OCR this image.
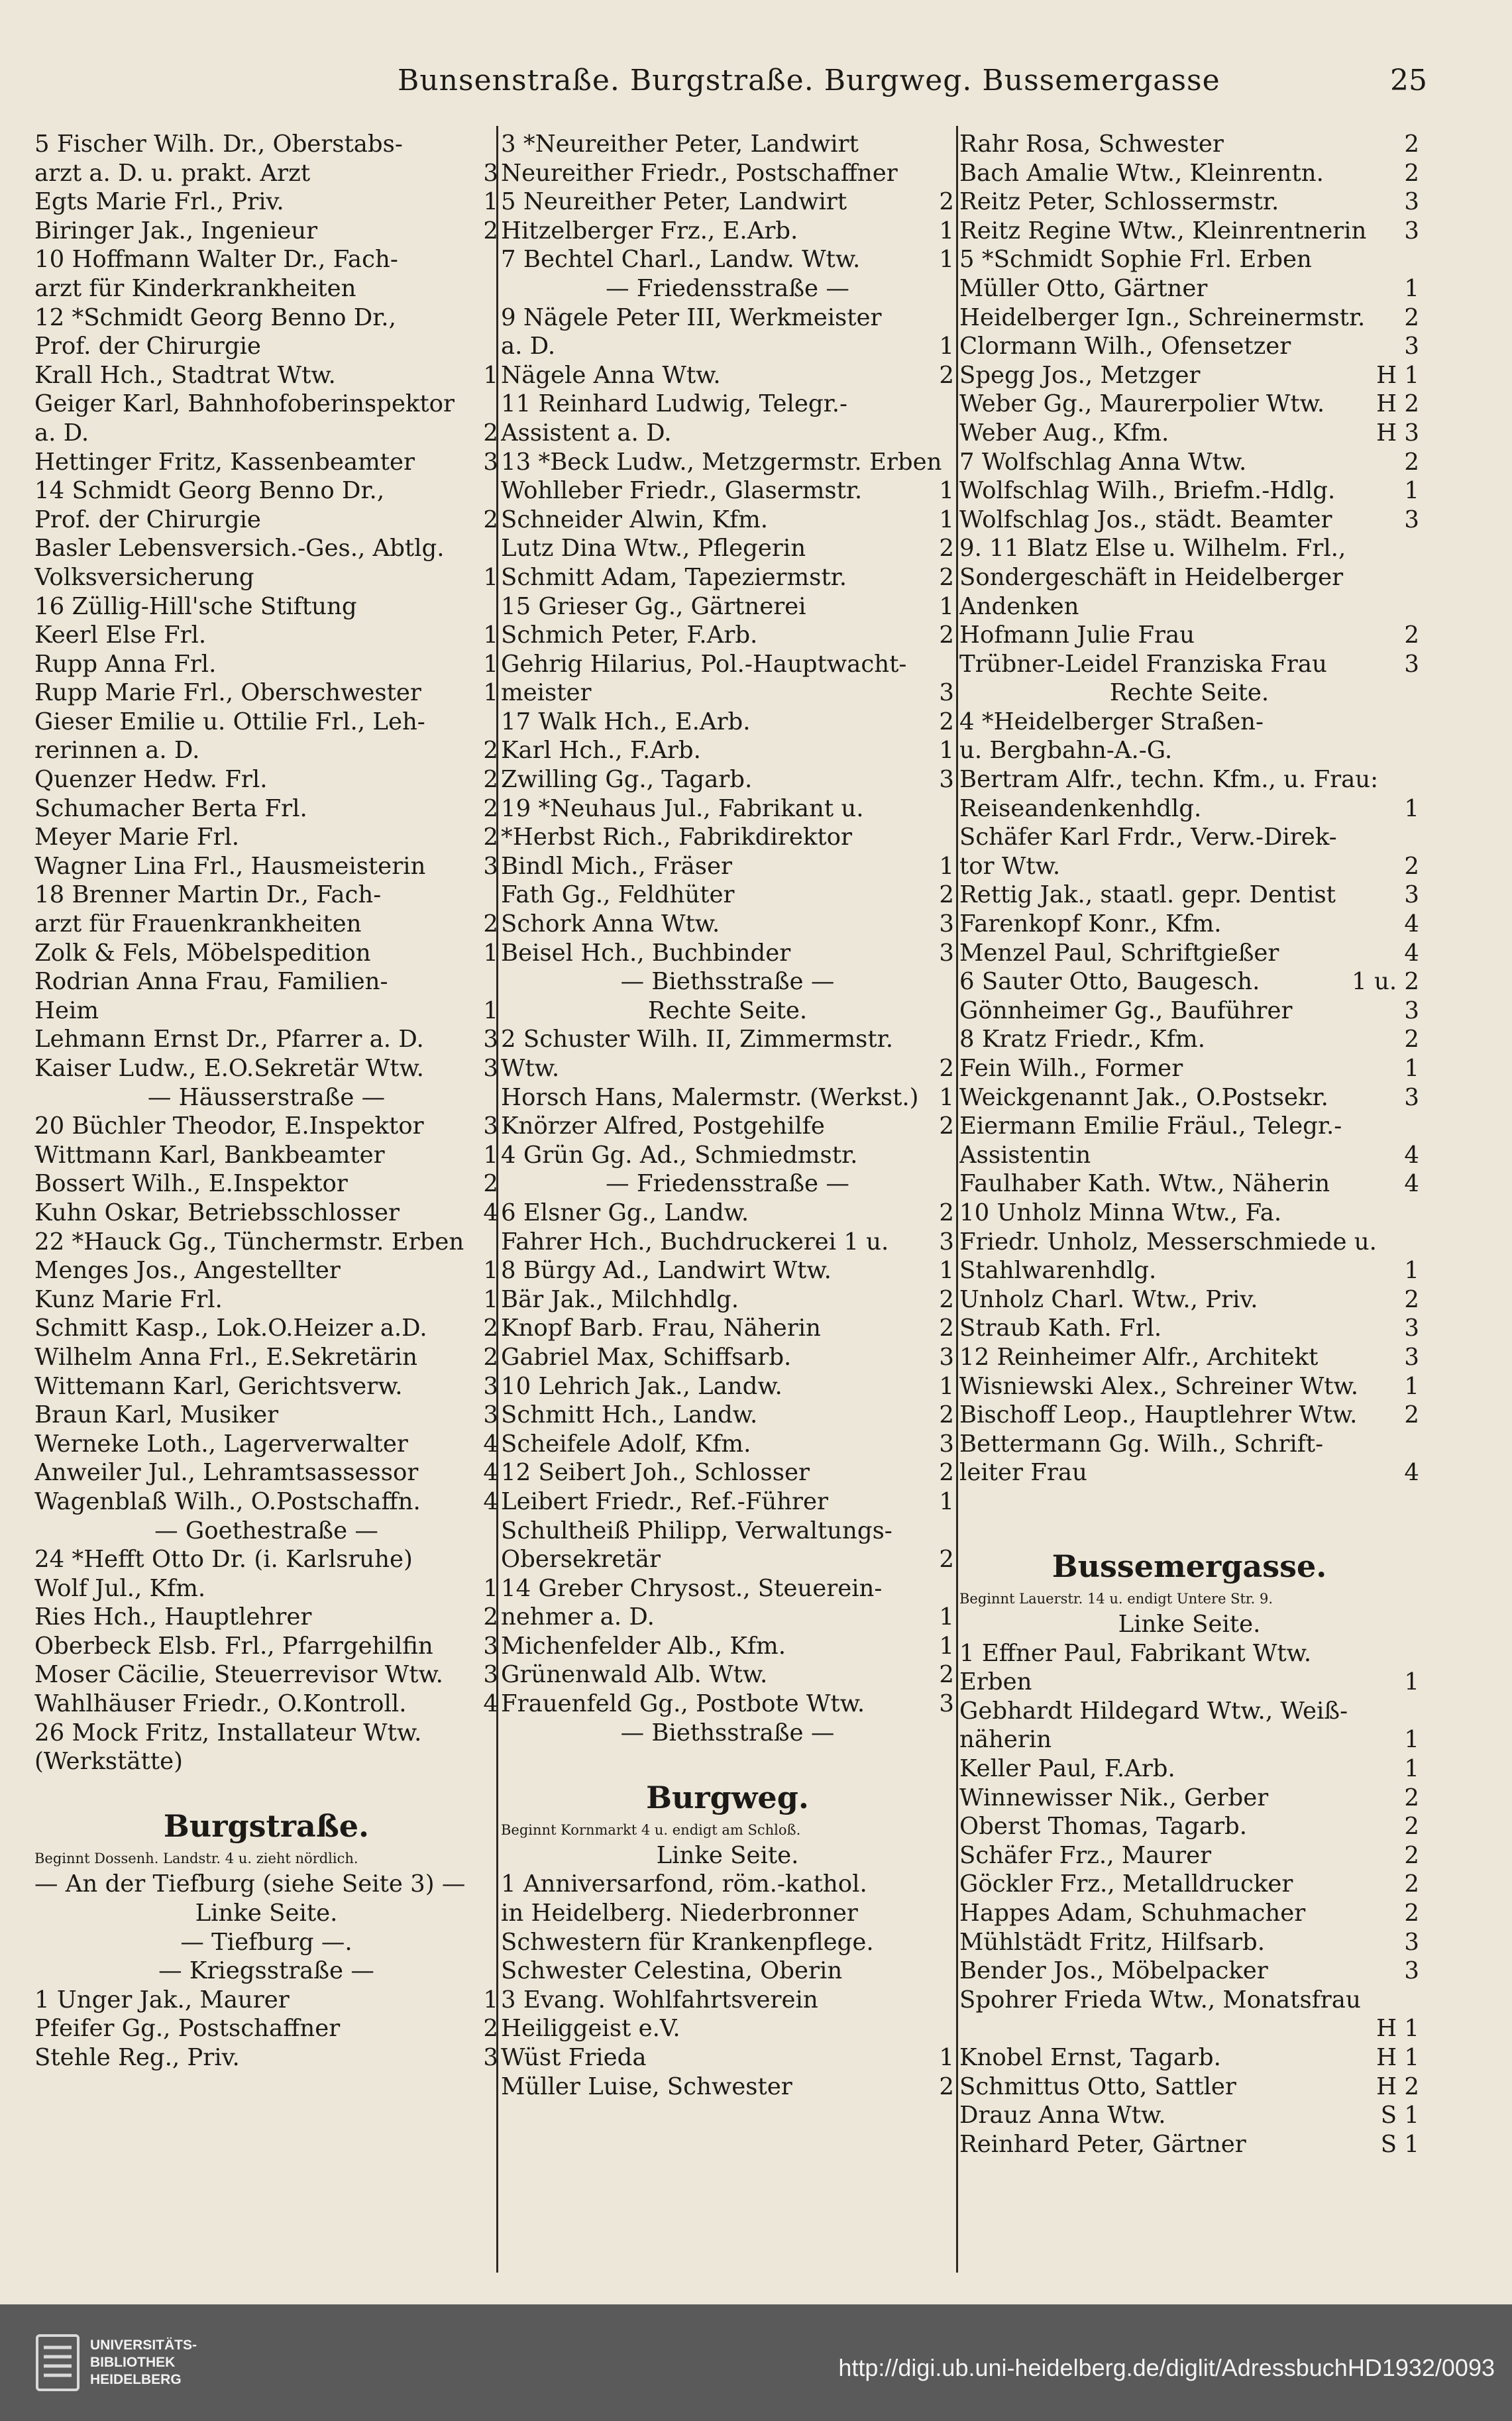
Bunsenstraße. Burgstraße. Burgweg. Bussemergasse	25
5 Fischer Wilh. Dr., Oberstabs-
arzt a. D. u. prakt. Arzt	3
Egts Marie Frl., Priv.	1
Biringer Jak., Ingenieur	2
10 Hoffmann Walter Dr., Fach-
arzt für Kinderkrankheiten
12 *Schmidt Georg Benno Dr.,
Prof. der Chirurgie
Krall Hch., Stadtrat Wtw.	1
Geiger Karl, Bahnhofoberinspektor
a. D.	2
Hettinger Fritz, Kassenbeamter	3
14 Schmidt Georg Benno Dr.,
Prof. der Chirurgie	2
Basler Lebensversich.-Ges., Abtlg.
Volksversicherung	1
16 Züllig-Hill'sche Stiftung
Keerl Else Frl.	1
Rupp Anna Frl.	1
Rupp Marie Frl., Oberschwester	1
Gieser Emilie u. Ottilie Frl., Leh-
rerinnen a. D.	2
Quenzer Hedw. Frl.	2
Schumacher Berta Frl.	2
Meyer Marie Frl.	2
Wagner Lina Frl., Hausmeisterin	3
18 Brenner Martin Dr., Fach-
arzt für Frauenkrankheiten	2
Zolk & Fels, Möbelspedition	1
Rodrian Anna Frau, Familien-
Heim	1
Lehmann Ernst Dr., Pfarrer a. D.	3
Kaiser Ludw., E.O.Sekretär Wtw.	3
— Häusserstraße —
20 Büchler Theodor, E.Inspektor	3
Wittmann Karl, Bankbeamter	1
Bossert Wilh., E.Inspektor	2
Kuhn Oskar, Betriebsschlosser	4
22 *Hauck Gg., Tünchermstr. Erben
Menges Jos., Angestellter	1
Kunz Marie Frl.	1
Schmitt Kasp., Lok.O.Heizer a.D.	2
Wilhelm Anna Frl., E.Sekretärin	2
Wittemann Karl, Gerichtsverw.	3
Braun Karl, Musiker	3
Werneke Loth., Lagerverwalter	4
Anweiler Jul., Lehramtsassessor	4
Wagenblaß Wilh., O.Postschaffn.	4
— Goethestraße —
24 *Hefft Otto Dr. (i. Karlsruhe)
Wolf Jul., Kfm.	1
Ries Hch., Hauptlehrer	2
Oberbeck Elsb. Frl., Pfarrgehilfin	3
Moser Cäcilie, Steuerrevisor Wtw.	3
Wahlhäuser Friedr., O.Kontroll.	4
26 Mock Fritz, Installateur Wtw.
(Werkstätte)
Burgstraße.
Beginnt Dossenh. Landstr. 4 u. zieht nördlich.
— An der Tiefburg (siehe Seite 3) —
Linke Seite.
— Tiefburg —.
— Kriegsstraße —
1 Unger Jak., Maurer	1
Pfeifer Gg., Postschaffner	2
Stehle Reg., Priv.	3
3 *Neureither Peter, Landwirt
Neureither Friedr., Postschaffner
5 Neureither Peter, Landwirt	2
Hitzelberger Frz., E.Arb.	1
7 Bechtel Charl., Landw. Wtw.	1
— Friedensstraße —
9 Nägele Peter III, Werkmeister
a. D.	1
Nägele Anna Wtw.	2
11 Reinhard Ludwig, Telegr.-
Assistent a. D.
13 *Beck Ludw., Metzgermstr. Erben
Wohlleber Friedr., Glasermstr.	1
Schneider Alwin, Kfm.	1
Lutz Dina Wtw., Pflegerin	2
Schmitt Adam, Tapeziermstr.	2
15 Grieser Gg., Gärtnerei	1
Schmich Peter, F.Arb.	2
Gehrig Hilarius, Pol.-Hauptwacht-
meister	3
17 Walk Hch., E.Arb.	2
Karl Hch., F.Arb.	1
Zwilling Gg., Tagarb.	3
19 *Neuhaus Jul., Fabrikant u.
*Herbst Rich., Fabrikdirektor
Bindl Mich., Fräser	1
Fath Gg., Feldhüter	2
Schork Anna Wtw.	3
Beisel Hch., Buchbinder	3
— Biethsstraße —
Rechte Seite.
2 Schuster Wilh. II, Zimmermstr.
Wtw.	2
Horsch Hans, Malermstr. (Werkst.) 1
Knörzer Alfred, Postgehilfe	2
4 Grün Gg. Ad., Schmiedmstr.
— Friedensstraße —
6 Elsner Gg., Landw.	2
Fahrer Hch., Buchdruckerei 1 u.	3
8 Bürgy Ad., Landwirt Wtw.	1
Bär Jak., Milchhdlg.	2
Knopf Barb. Frau, Näherin	2
Gabriel Max, Schiffsarb.	3
10 Lehrich Jak., Landw.	1
Schmitt Hch., Landw.	2
Scheifele Adolf, Kfm.	3
12 Seibert Joh., Schlosser	2
Leibert Friedr., Ref.-Führer	1
Schultheiß Philipp, Verwaltungs-
Obersekretär	2
14 Greber Chrysost., Steuerein-
nehmer a. D.	1
Michenfelder Alb., Kfm.	1
Grünenwald Alb. Wtw.	2
Frauenfeld Gg., Postbote Wtw.	3
— Biethsstraße —
Burgweg.
Beginnt Kornmarkt 4 u. endigt am Schloß.
Linke Seite.
1 Anniversarfond, röm.-kathol.
in Heidelberg. Niederbronner
Schwestern für Krankenpflege.
Schwester Celestina, Oberin
3 Evang. Wohlfahrtsverein
Heiliggeist e.V.
Wüst Frieda	1
Müller Luise, Schwester	2
Rahr Rosa, Schwester	2
Bach Amalie Wtw., Kleinrentn.	2
Reitz Peter, Schlossermstr.	3
Reitz Regine Wtw., Kleinrentnerin	3
5 *Schmidt Sophie Frl. Erben
Müller Otto, Gärtner	1
Heidelberger Ign., Schreinermstr.	2
Clormann Wilh., Ofensetzer	3
Spegg Jos., Metzger	H 1
Weber Gg., Maurerpolier Wtw.	H 2
Weber Aug., Kfm.	H 3
7 Wolfschlag Anna Wtw.	2
Wolfschlag Wilh., Briefm.-Hdlg.	1
Wolfschlag Jos., städt. Beamter	3
9. 11 Blatz Else u. Wilhelm. Frl.,
Sondergeschäft in Heidelberger
Andenken
Hofmann Julie Frau	2
Trübner-Leidel Franziska Frau	3
Rechte Seite.
4 *Heidelberger Straßen-
u. Bergbahn-A.-G.
Bertram Alfr., techn. Kfm., u. Frau:
Reiseandenkenhdlg.	1
Schäfer Karl Frdr., Verw.-Direk-
tor Wtw.	2
Rettig Jak., staatl. gepr. Dentist	3
Farenkopf Konr., Kfm.	4
Menzel Paul, Schriftgießer	4
6 Sauter Otto, Baugesch.	1 u. 2
Gönnheimer Gg., Bauführer	3
8 Kratz Friedr., Kfm.	2
Fein Wilh., Former	1
Weickgenannt Jak., O.Postsekr.	3
Eiermann Emilie Fräul., Telegr.-
Assistentin	4
Faulhaber Kath. Wtw., Näherin	4
10 Unholz Minna Wtw., Fa.
Friedr. Unholz, Messerschmiede u.
Stahlwarenhdlg.	1
Unholz Charl. Wtw., Priv.	2
Straub Kath. Frl.	3
12 Reinheimer Alfr., Architekt	3
Wisniewski Alex., Schreiner Wtw.	1
Bischoff Leop., Hauptlehrer Wtw.	2
Bettermann Gg. Wilh., Schrift-
leiter Frau	4
Bussemergasse.
Beginnt Lauerstr. 14 u. endigt Untere Str. 9.
Linke Seite.
1 Effner Paul, Fabrikant Wtw.
Erben	1
Gebhardt Hildegard Wtw., Weiß-
näherin	1
Keller Paul, F.Arb.	1
Winnewisser Nik., Gerber	2
Oberst Thomas, Tagarb.	2
Schäfer Frz., Maurer	2
Göckler Frz., Metalldrucker	2
Happes Adam, Schuhmacher	2
Mühlstädt Fritz, Hilfsarb.	3
Bender Jos., Möbelpacker	3
Spohrer Frieda Wtw., Monatsfrau
H 1
Knobel Ernst, Tagarb.	H 1
Schmittus Otto, Sattler	H 2
Drauz Anna Wtw.	S 1
Reinhard Peter, Gärtner	S 1
UNIVERSITÄTS-
BIBLIOTHEK
HEIDELBERG	http://digi.ub.uni-heidelberg.de/diglit/AdressbuchHD1932/0093
